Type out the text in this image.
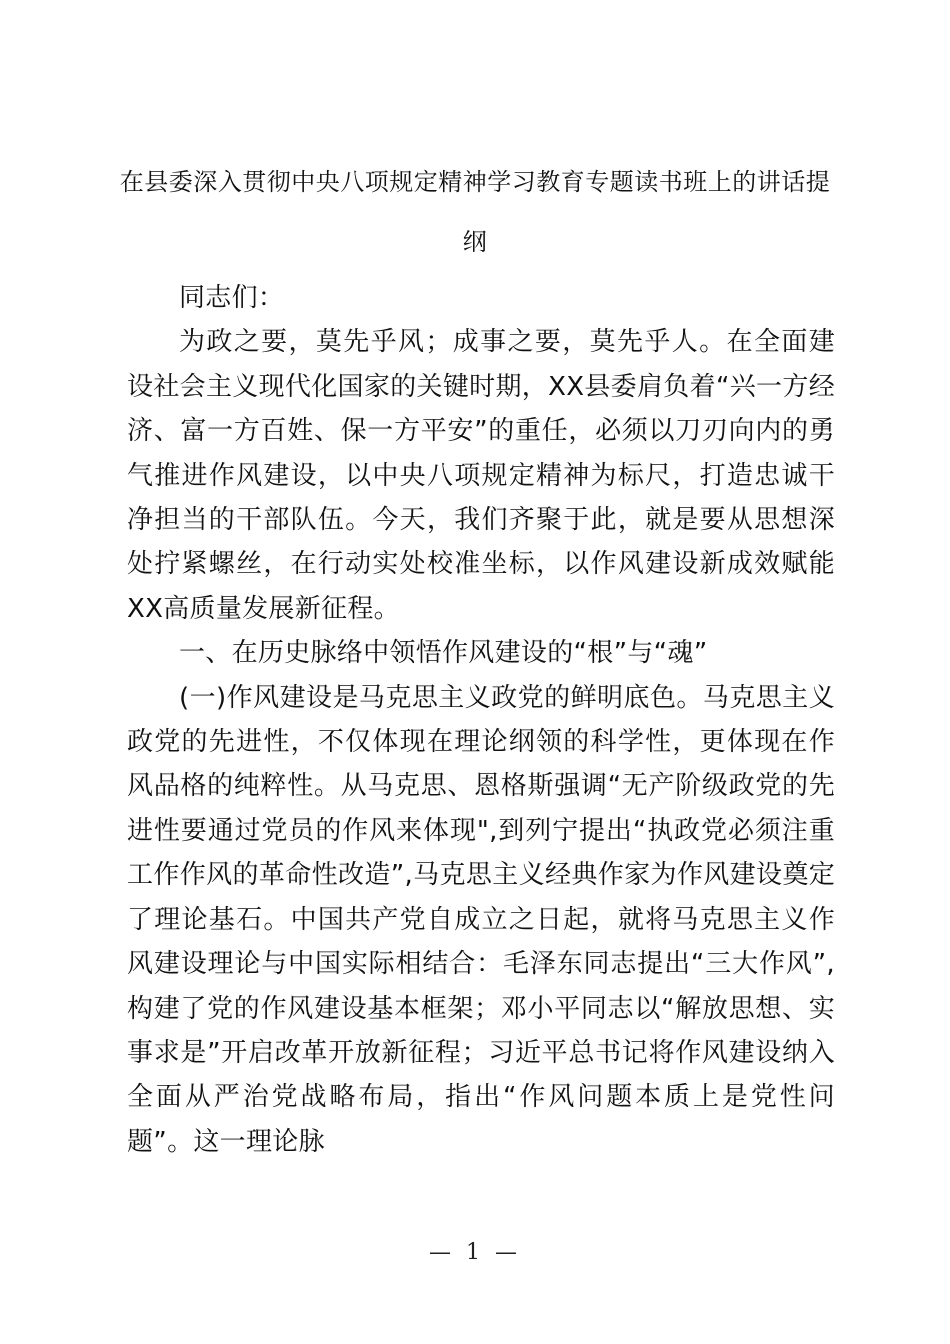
在县委深入贯彻中央八项规定精神学习教育专题读书班上的讲话提纲

同志们：

为政之要，莫先乎风；成事之要，莫先乎人。在全面建设社会主义现代化国家的关键时期，XX县委肩负着“兴一方经济、富一方百姓、保一方平安”的重任，必须以刀刃向内的勇气推进作风建设，以中央八项规定精神为标尺，打造忠诚干净担当的干部队伍。今天，我们齐聚于此，就是要从思想深处拧紧螺丝，在行动实处校准坐标，以作风建设新成效赋能XX高质量发展新征程。

一、在历史脉络中领悟作风建设的“根”与“魂”

(一)作风建设是马克思主义政党的鲜明底色。马克思主义政党的先进性，不仅体现在理论纲领的科学性，更体现在作风品格的纯粹性。从马克思、恩格斯强调“无产阶级政党的先进性要通过党员的作风来体现",到列宁提出“执政党必须注重工作作风的革命性改造”,马克思主义经典作家为作风建设奠定了理论基石。中国共产党自成立之日起，就将马克思主义作风建设理论与中国实际相结合：毛泽东同志提出“三大作风”,构建了党的作风建设基本框架；邓小平同志以“解放思想、实事求是”开启改革开放新征程；习近平总书记将作风建设纳入全面从严治党战略布局，指出“作风问题本质上是党性问题”。这一理论脉

— 1 —
